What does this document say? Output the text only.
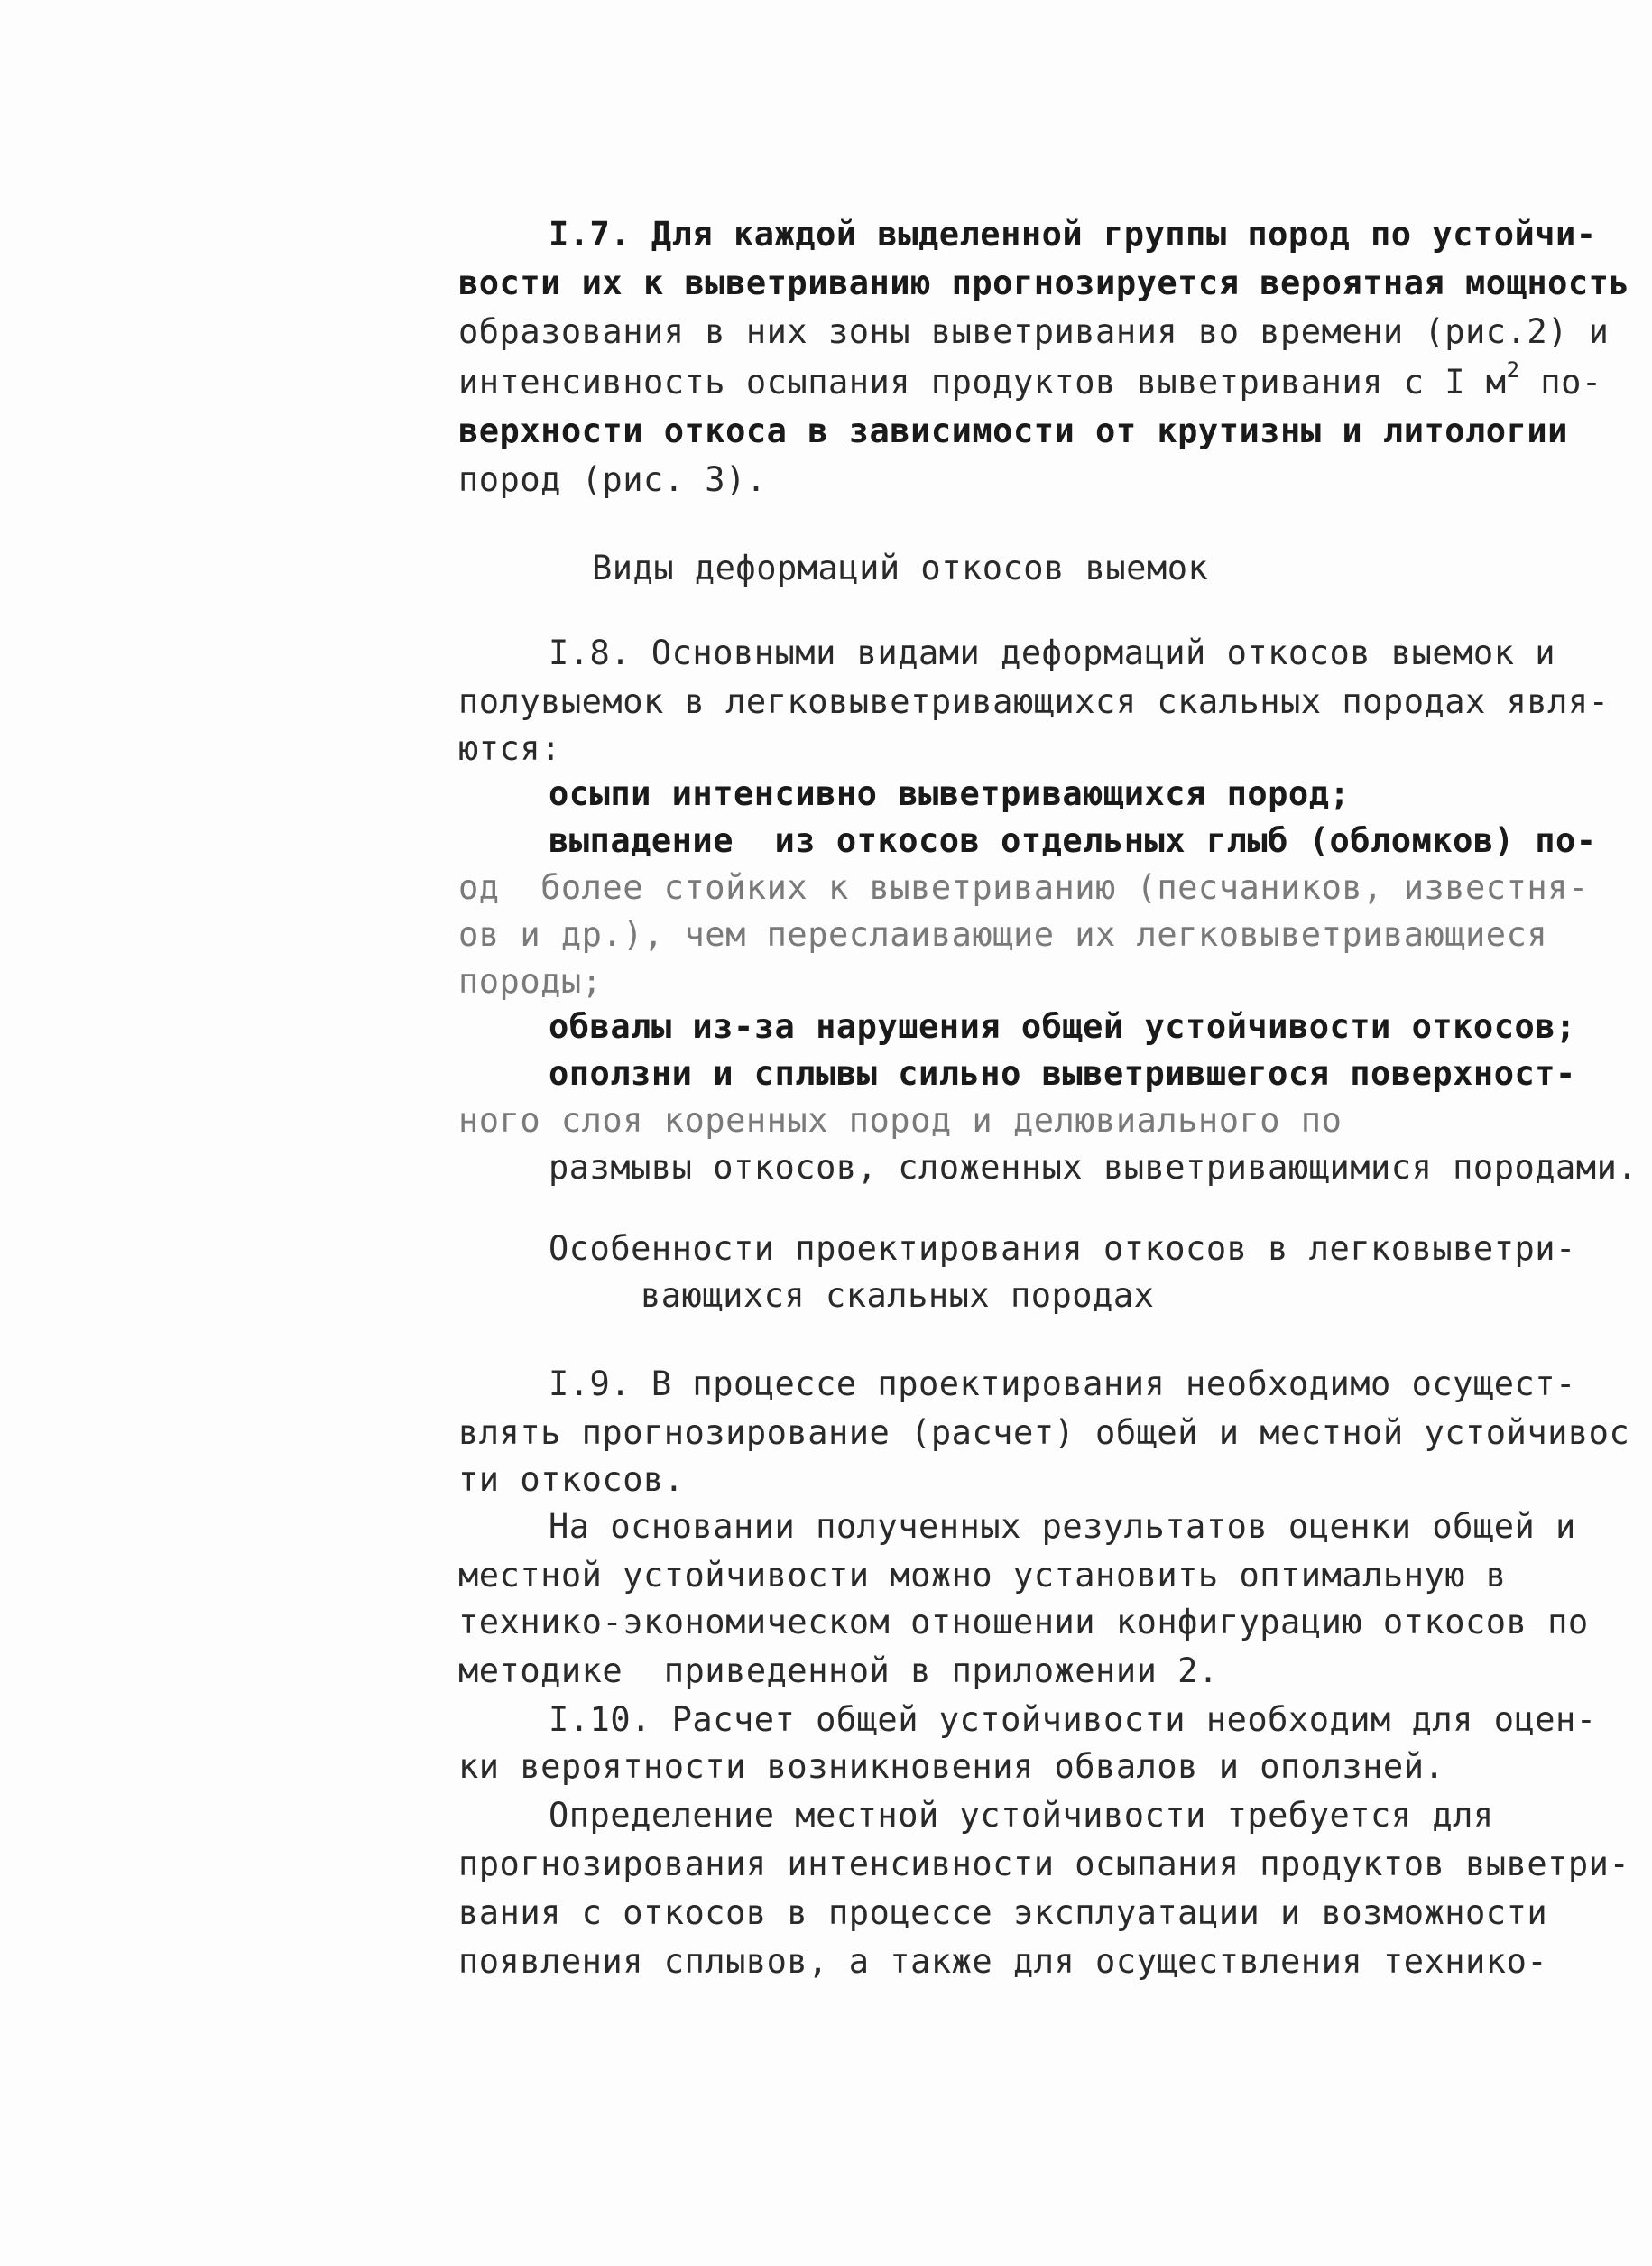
I.7. Для каждой выделенной группы пород по устойчи-
вости их к выветриванию прогнозируется вероятная мощность
образования в них зоны выветривания во времени (рис.2) и
интенсивность осыпания продуктов выветривания с I $м^2$ по-
верхности откоса в зависимости от крутизны и литологии
пород (рис. 3).
Виды деформаций откосов выемок
I.8. Основными видами деформаций откосов выемок и
полувыемок в легковыветривающихся скальных породах явля-
ются:
осыпи интенсивно выветривающихся пород;
выпадение  из откосов отдельных глыб (обломков) по-
од  более стойких к выветриванию (песчаников, известня-
ов и др.), чем переслаивающие их легковыветривающиеся
породы;
обвалы из-за нарушения общей устойчивости откосов;
оползни и сплывы сильно выветрившегося поверхност-
ного слоя коренных пород и делювиального по
размывы откосов, сложенных выветривающимися породами.
Особенности проектирования откосов в легковыветри-
вающихся скальных породах
I.9. В процессе проектирования необходимо осущест-
влять прогнозирование (расчет) общей и местной устойчивос
ти откосов.
На основании полученных результатов оценки общей и
местной устойчивости можно установить оптимальную в
технико-экономическом отношении конфигурацию откосов по
методике  приведенной в приложении 2.
I.10. Расчет общей устойчивости необходим для оцен-
ки вероятности возникновения обвалов и оползней.
Определение местной устойчивости требуется для
прогнозирования интенсивности осыпания продуктов выветри-
вания с откосов в процессе эксплуатации и возможности
появления сплывов, а также для осуществления технико-
